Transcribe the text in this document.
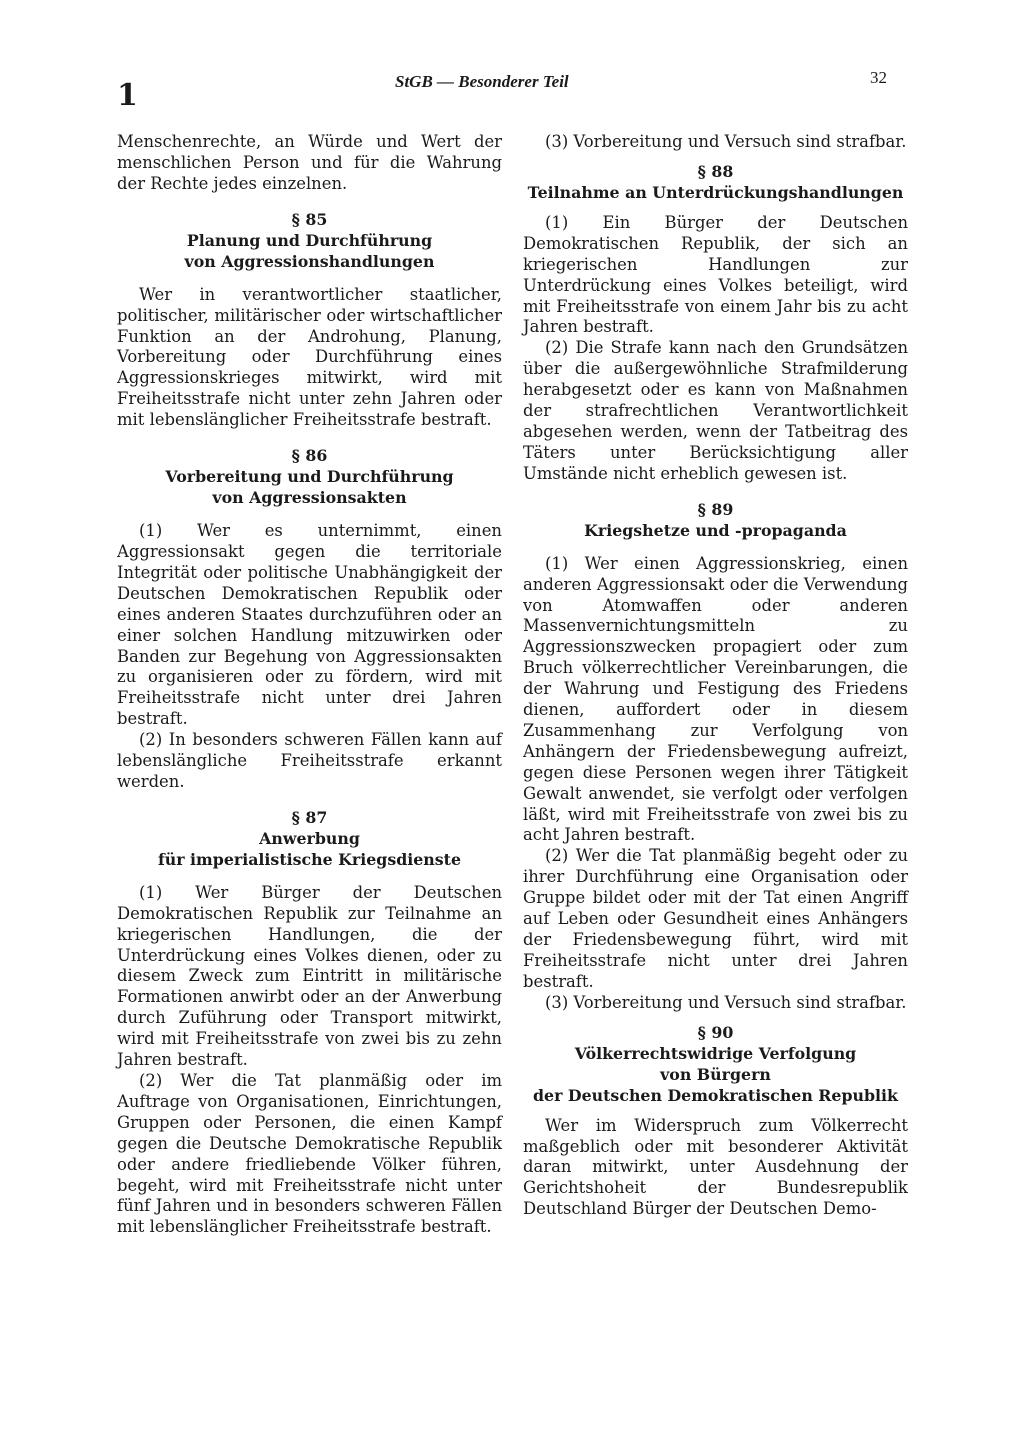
1	StGB — Besonderer Teil	32

Menschenrechte, an Würde und Wert der menschlichen Person und für die Wahrung der Rechte jedes einzelnen.

§ 85
Planung und Durchführung
von Aggressionshandlungen

Wer in verantwortlicher staatlicher, politischer, militärischer oder wirtschaftlicher Funktion an der Androhung, Planung, Vorbereitung oder Durchführung eines Aggressionskrieges mitwirkt, wird mit Freiheitsstrafe nicht unter zehn Jahren oder mit lebenslänglicher Freiheitsstrafe bestraft.

§ 86
Vorbereitung und Durchführung
von Aggressionsakten

(1) Wer es unternimmt, einen Aggressionsakt gegen die territoriale Integrität oder politische Unabhängigkeit der Deutschen Demokratischen Republik oder eines anderen Staates durchzuführen oder an einer solchen Handlung mitzuwirken oder Banden zur Begehung von Aggressionsakten zu organisieren oder zu fördern, wird mit Freiheitsstrafe nicht unter drei Jahren bestraft.

(2) In besonders schweren Fällen kann auf lebenslängliche Freiheitsstrafe erkannt werden.

§ 87
Anwerbung
für imperialistische Kriegsdienste

(1) Wer Bürger der Deutschen Demokratischen Republik zur Teilnahme an kriegerischen Handlungen, die der Unterdrückung eines Volkes dienen, oder zu diesem Zweck zum Eintritt in militärische Formationen anwirbt oder an der Anwerbung durch Zuführung oder Transport mitwirkt, wird mit Freiheitsstrafe von zwei bis zu zehn Jahren bestraft.

(2) Wer die Tat planmäßig oder im Auftrage von Organisationen, Einrichtungen, Gruppen oder Personen, die einen Kampf gegen die Deutsche Demokratische Republik oder andere friedliebende Völker führen, begeht, wird mit Freiheitsstrafe nicht unter fünf Jahren und in besonders schweren Fällen mit lebenslänglicher Freiheitsstrafe bestraft.

(3) Vorbereitung und Versuch sind strafbar.

§ 88
Teilnahme an Unterdrückungshandlungen

(1) Ein Bürger der Deutschen Demokratischen Republik, der sich an kriegerischen Handlungen zur Unterdrückung eines Volkes beteiligt, wird mit Freiheitsstrafe von einem Jahr bis zu acht Jahren bestraft.

(2) Die Strafe kann nach den Grundsätzen über die außergewöhnliche Strafmilderung herabgesetzt oder es kann von Maßnahmen der strafrechtlichen Verantwortlichkeit abgesehen werden, wenn der Tatbeitrag des Täters unter Berücksichtigung aller Umstände nicht erheblich gewesen ist.

§ 89
Kriegshetze und -propaganda

(1) Wer einen Aggressionskrieg, einen anderen Aggressionsakt oder die Verwendung von Atomwaffen oder anderen Massenvernichtungsmitteln zu Aggressionszwecken propagiert oder zum Bruch völkerrechtlicher Vereinbarungen, die der Wahrung und Festigung des Friedens dienen, auffordert oder in diesem Zusammenhang zur Verfolgung von Anhängern der Friedensbewegung aufreizt, gegen diese Personen wegen ihrer Tätigkeit Gewalt anwendet, sie verfolgt oder verfolgen läßt, wird mit Freiheitsstrafe von zwei bis zu acht Jahren bestraft.

(2) Wer die Tat planmäßig begeht oder zu ihrer Durchführung eine Organisation oder Gruppe bildet oder mit der Tat einen Angriff auf Leben oder Gesundheit eines Anhängers der Friedensbewegung führt, wird mit Freiheitsstrafe nicht unter drei Jahren bestraft.

(3) Vorbereitung und Versuch sind strafbar.

§ 90
Völkerrechtswidrige Verfolgung
von Bürgern
der Deutschen Demokratischen Republik

Wer im Widerspruch zum Völkerrecht maßgeblich oder mit besonderer Aktivität daran mitwirkt, unter Ausdehnung der Gerichtshoheit der Bundesrepublik Deutschland Bürger der Deutschen Demo-
